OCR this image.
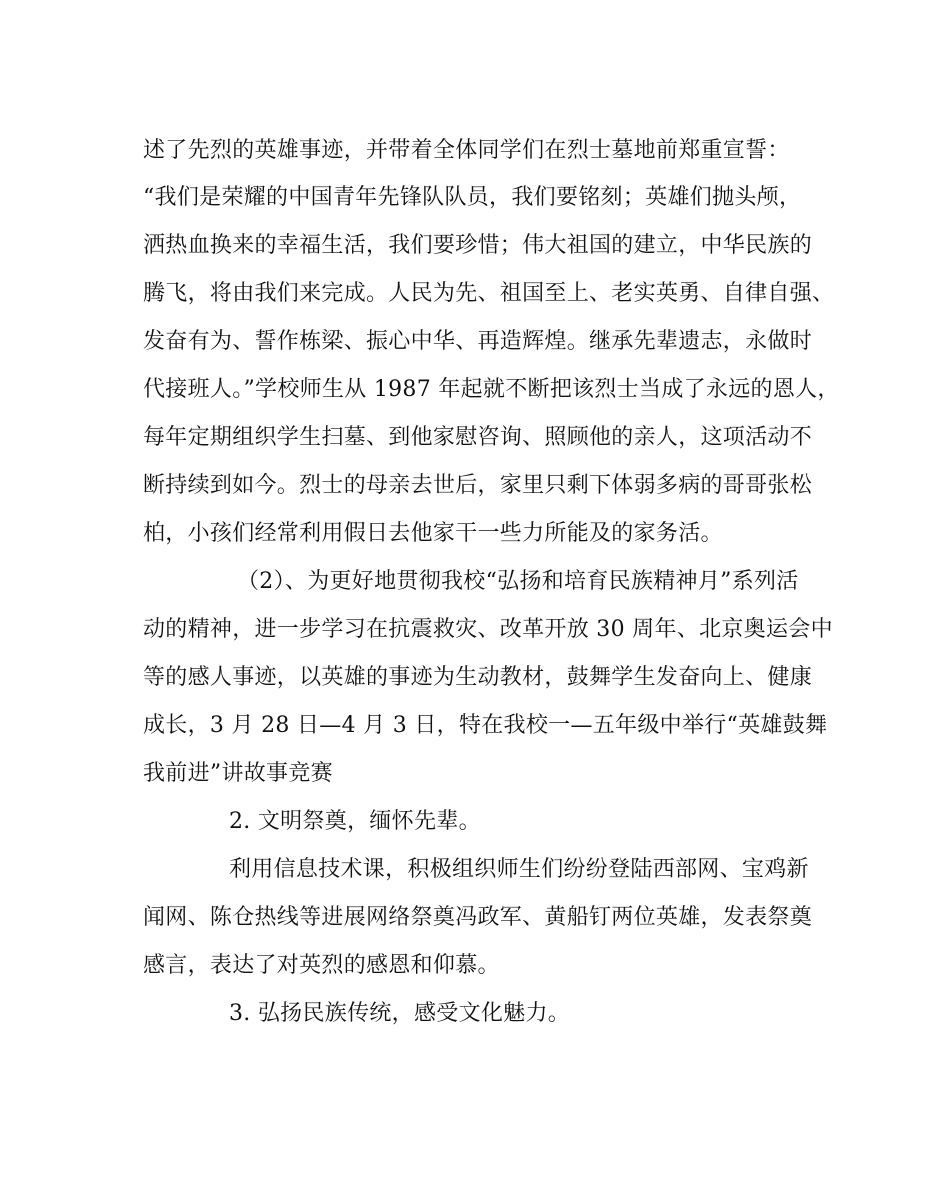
述了先烈的英雄事迹，并带着全体同学们在烈士墓地前郑重宣誓：
“我们是荣耀的中国青年先锋队队员，我们要铭刻；英雄们抛头颅，
洒热血换来的幸福生活，我们要珍惜；伟大祖国的建立，中华民族的
腾飞，将由我们来完成。人民为先、祖国至上、老实英勇、自律自强、
发奋有为、誓作栋梁、振心中华、再造辉煌。继承先辈遗志，永做时
代接班人。”学校师生从 1987 年起就不断把该烈士当成了永远的恩人，
每年定期组织学生扫墓、到他家慰咨询、照顾他的亲人，这项活动不
断持续到如今。烈士的母亲去世后，家里只剩下体弱多病的哥哥张松
柏，小孩们经常利用假日去他家干一些力所能及的家务活。
（2）、为更好地贯彻我校“弘扬和培育民族精神月”系列活
动的精神，进一步学习在抗震救灾、改革开放 30 周年、北京奥运会中
等的感人事迹，以英雄的事迹为生动教材，鼓舞学生发奋向上、健康
成长，3 月 28 日—4 月 3 日，特在我校一—五年级中举行“英雄鼓舞
我前进”讲故事竞赛
2. 文明祭奠，缅怀先辈。
利用信息技术课，积极组织师生们纷纷登陆西部网、宝鸡新
闻网、陈仓热线等进展网络祭奠冯政军、黄船钉两位英雄，发表祭奠
感言，表达了对英烈的感恩和仰慕。
3. 弘扬民族传统，感受文化魅力。
